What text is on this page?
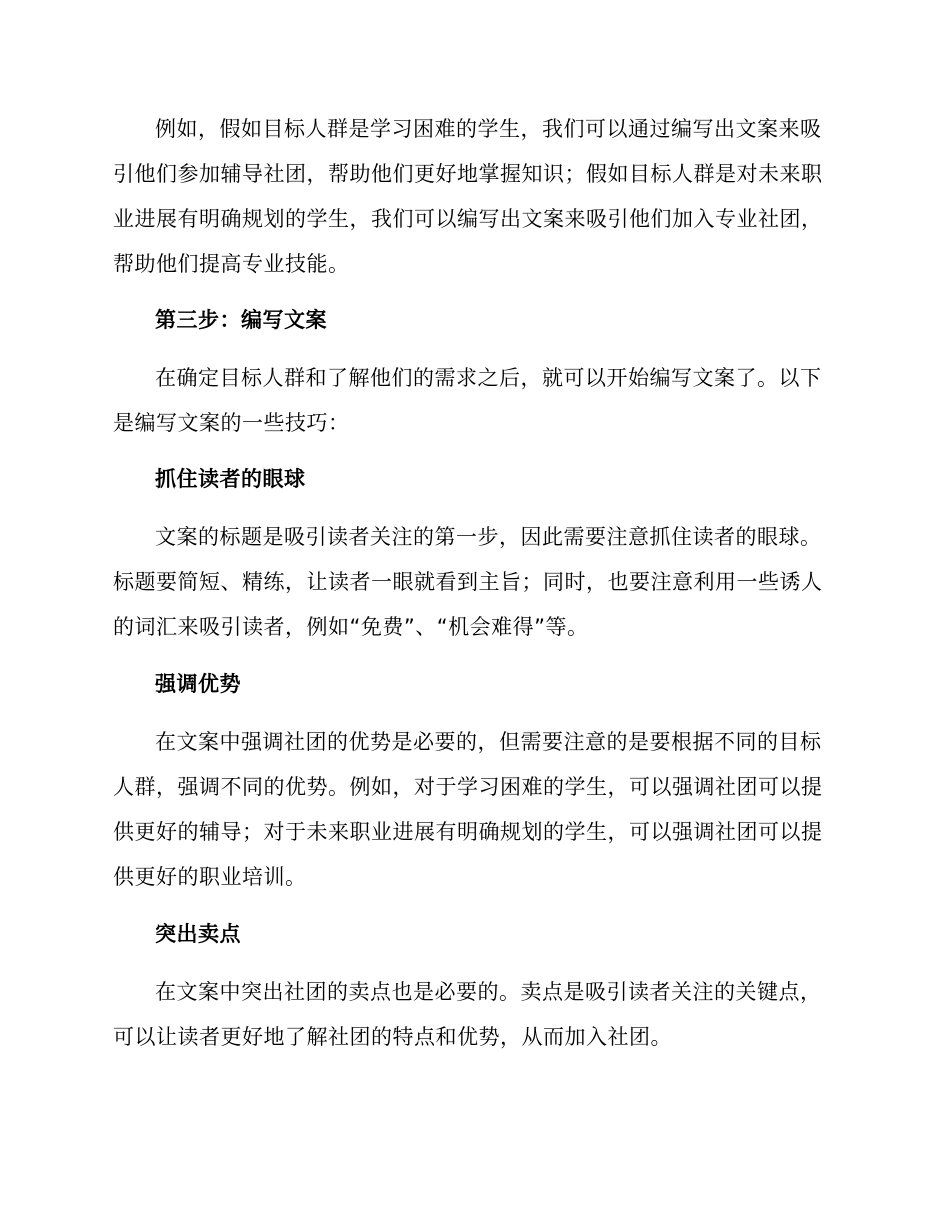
例如，假如目标人群是学习困难的学生，我们可以通过编写出文案来吸
引他们参加辅导社团，帮助他们更好地掌握知识；假如目标人群是对未来职
业进展有明确规划的学生，我们可以编写出文案来吸引他们加入专业社团，
帮助他们提高专业技能。
第三步：编写文案
在确定目标人群和了解他们的需求之后，就可以开始编写文案了。以下
是编写文案的一些技巧：
抓住读者的眼球
文案的标题是吸引读者关注的第一步，因此需要注意抓住读者的眼球。
标题要简短、精练，让读者一眼就看到主旨；同时，也要注意利用一些诱人
的词汇来吸引读者，例如“免费”、“机会难得”等。
强调优势
在文案中强调社团的优势是必要的，但需要注意的是要根据不同的目标
人群，强调不同的优势。例如，对于学习困难的学生，可以强调社团可以提
供更好的辅导；对于未来职业进展有明确规划的学生，可以强调社团可以提
供更好的职业培训。
突出卖点
在文案中突出社团的卖点也是必要的。卖点是吸引读者关注的关键点，
可以让读者更好地了解社团的特点和优势，从而加入社团。
